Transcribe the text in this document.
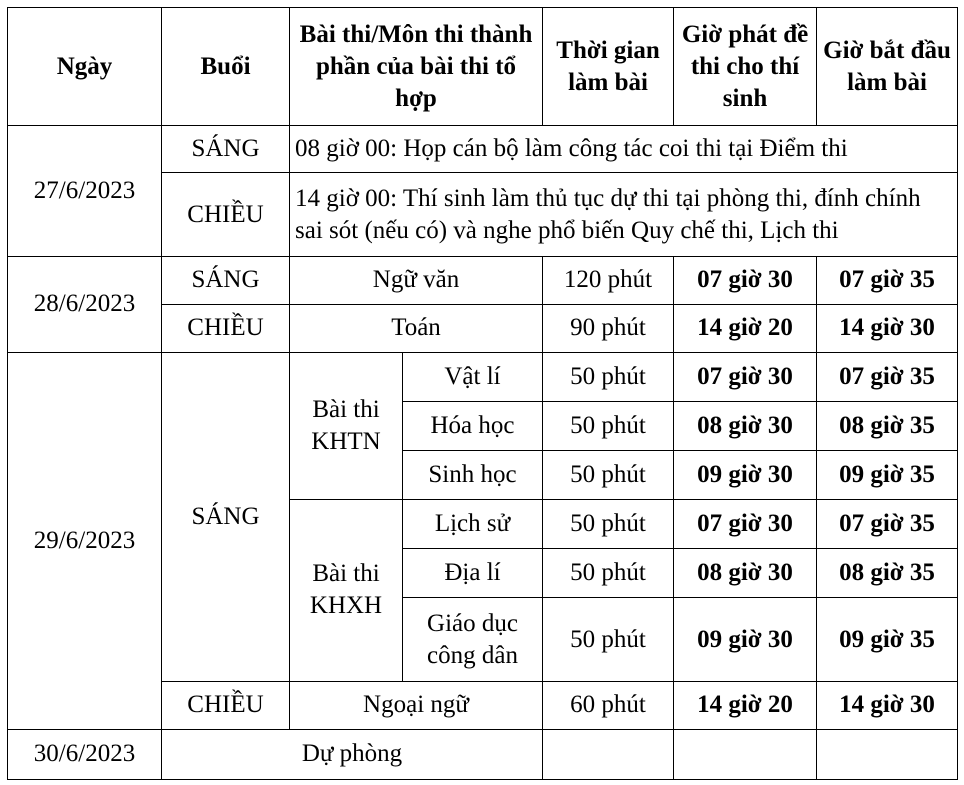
Ngày	Buổi	Bài thi/Môn thi thành phần của bài thi tổ hợp		Thời gian làm bài	Giờ phát đề thi cho thí sinh	Giờ bắt đầu làm bài
27/6/2023	SÁNG	08 giờ 00: Họp cán bộ làm công tác coi thi tại Điểm thi				
	CHIỀU	14 giờ 00: Thí sinh làm thủ tục dự thi tại phòng thi, đính chính sai sót (nếu có) và nghe phổ biến Quy chế thi, Lịch thi				
28/6/2023	SÁNG	Ngữ văn		120 phút	07 giờ 30	07 giờ 35
	CHIỀU	Toán		90 phút	14 giờ 20	14 giờ 30
29/6/2023	SÁNG	Bài thi KHTN	Vật lí	50 phút	07 giờ 30	07 giờ 35
			Hóa học	50 phút	08 giờ 30	08 giờ 35
			Sinh học	50 phút	09 giờ 30	09 giờ 35
		Bài thi KHXH	Lịch sử	50 phút	07 giờ 30	07 giờ 35
			Địa lí	50 phút	08 giờ 30	08 giờ 35
			Giáo dục công dân	50 phút	09 giờ 30	09 giờ 35
	CHIỀU	Ngoại ngữ		60 phút	14 giờ 20	14 giờ 30
30/6/2023	Dự phòng					
